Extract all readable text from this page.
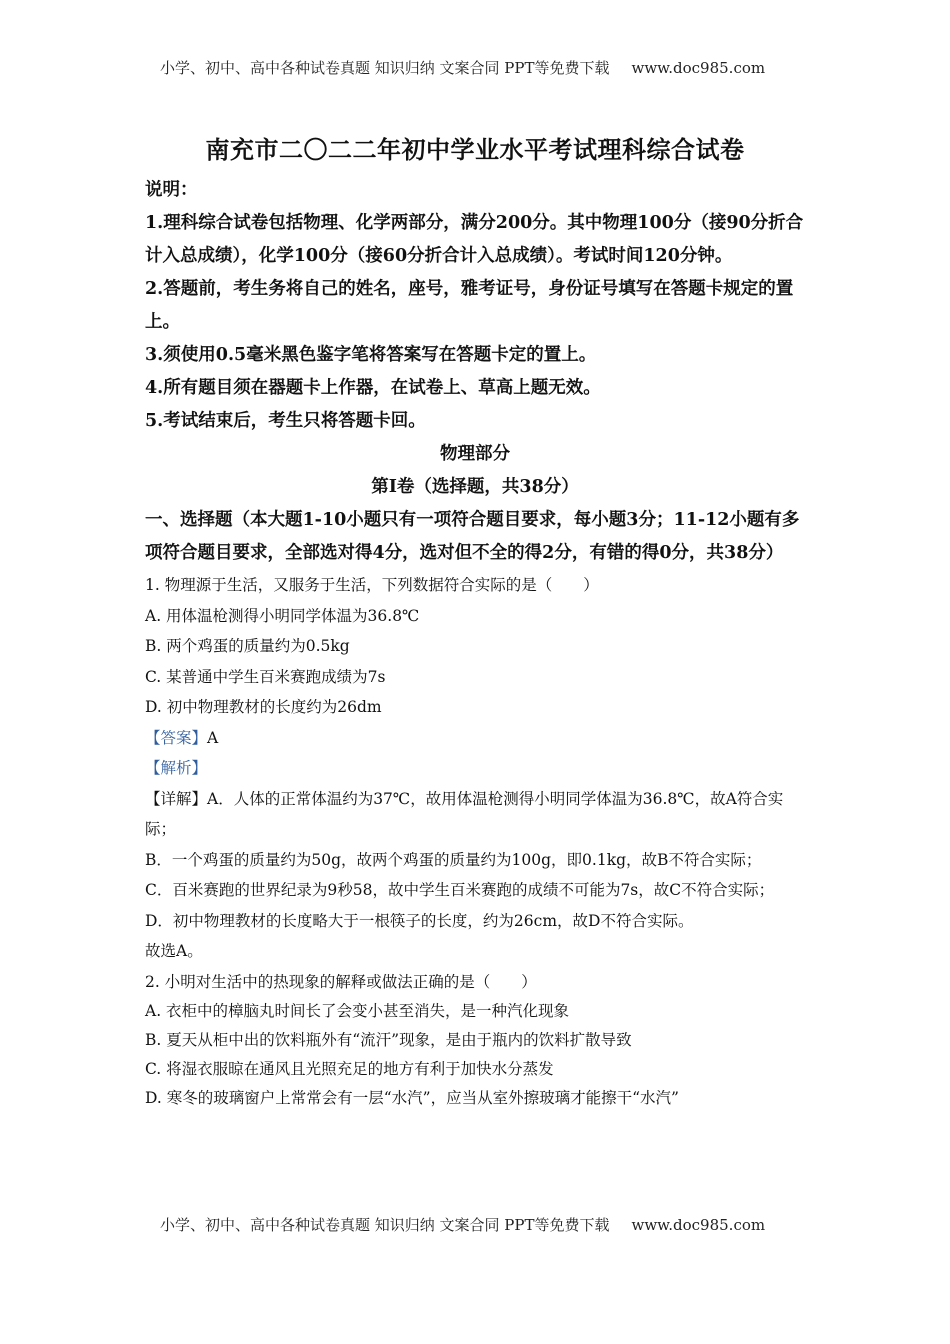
小学、初中、高中各种试卷真题 知识归纳 文案合同 PPT等免费下载 www.doc985.com
南充市二〇二二年初中学业水平考试理科综合试卷

说明：

1.理科综合试卷包括物理、化学两部分，满分200分。其中物理100分（接90分折合计入总成绩），化学100分（接60分折合计入总成绩）。考试时间120分钟。

2.答题前，考生务将自己的姓名，座号，雅考证号，身份证号填写在答题卡规定的置上。

3.须使用0.5毫米黑色鉴字笔将答案写在答题卡定的置上。

4.所有题目须在器题卡上作器，在试卷上、草高上题无效。

5.考试结束后，考生只将答题卡回。

物理部分

第Ⅰ卷（选择题，共38分）

一、选择题（本大题1-10小题只有一项符合题目要求，每小题3分；11-12小题有多项符合题目要求，全部选对得4分，选对但不全的得2分，有错的得0分，共38分）

1. 物理源于生活，又服务于生活，下列数据符合实际的是（　　）

A. 用体温枪测得小明同学体温为36.8℃

B. 两个鸡蛋的质量约为0.5kg

C. 某普通中学生百米赛跑成绩为7s

D. 初中物理教材的长度约为26dm

【答案】A

【解析】

【详解】A．人体的正常体温约为37℃，故用体温枪测得小明同学体温为36.8℃，故A符合实际；

B．一个鸡蛋的质量约为50g，故两个鸡蛋的质量约为100g，即0.1kg，故B不符合实际；

C．百米赛跑的世界纪录为9秒58，故中学生百米赛跑的成绩不可能为7s，故C不符合实际；

D．初中物理教材的长度略大于一根筷子的长度，约为26cm，故D不符合实际。

故选A。

2. 小明对生活中的热现象的解释或做法正确的是（　　）

A. 衣柜中的樟脑丸时间长了会变小甚至消失，是一种汽化现象

B. 夏天从柜中出的饮料瓶外有“流汗”现象，是由于瓶内的饮料扩散导致

C. 将湿衣服晾在通风且光照充足的地方有利于加快水分蒸发

D. 寒冬的玻璃窗户上常常会有一层“水汽”，应当从室外擦玻璃才能擦干“水汽”

小学、初中、高中各种试卷真题 知识归纳 文案合同 PPT等免费下载 www.doc985.com
